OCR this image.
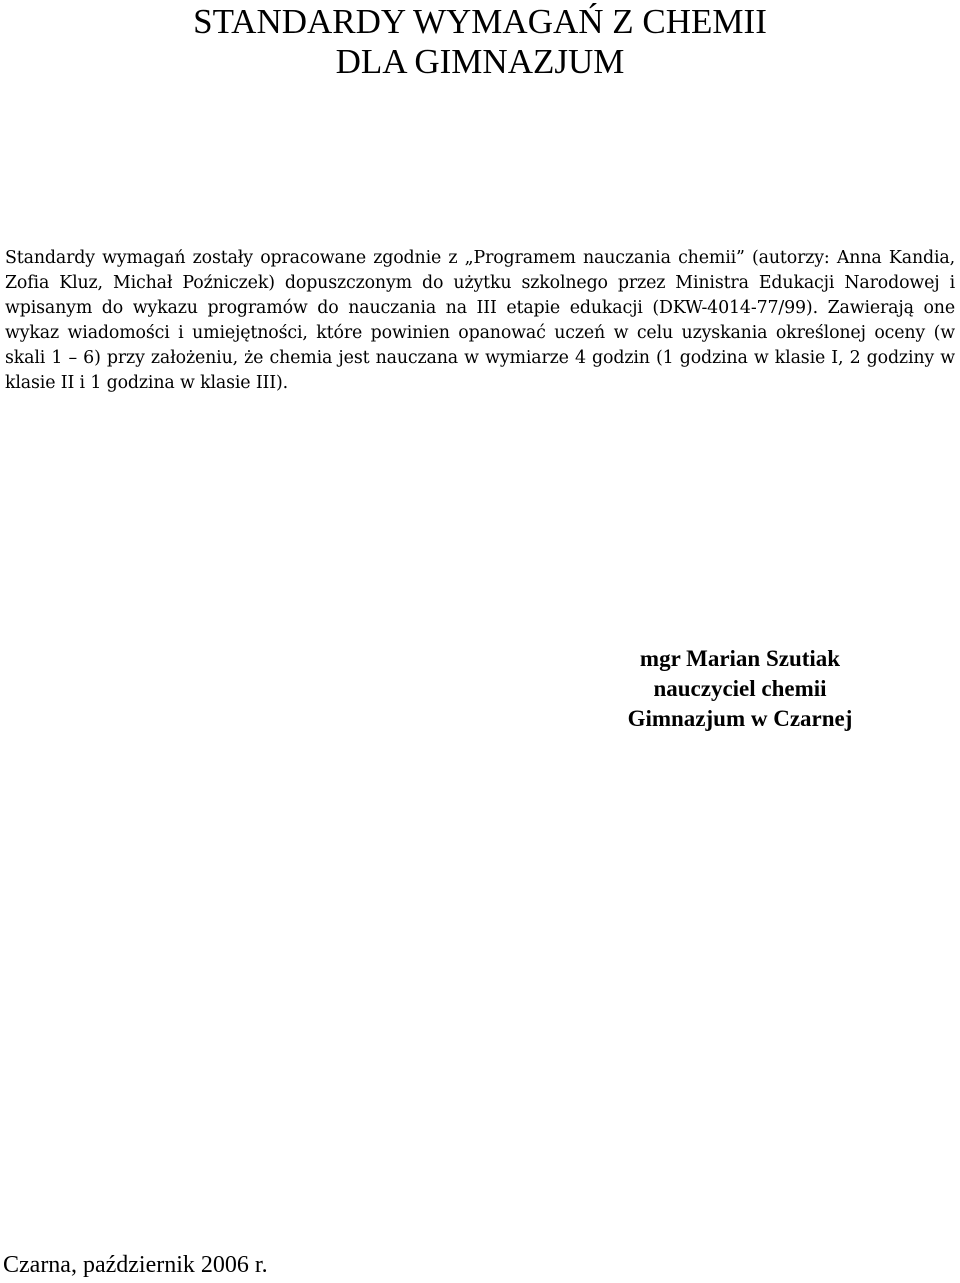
STANDARDY WYMAGAŃ Z CHEMII
DLA GIMNAZJUM

Standardy wymagań zostały opracowane zgodnie z „Programem nauczania chemii” (autorzy: Anna Kandia, Zofia Kluz, Michał Poźniczek) dopuszczonym do użytku szkolnego przez Ministra Edukacji Narodowej i wpisanym do wykazu programów do nauczania na III etapie edukacji (DKW-4014-77/99). Zawierają one wykaz wiadomości i umiejętności, które powinien opanować uczeń w celu uzyskania określonej oceny (w skali 1 – 6) przy założeniu, że chemia jest nauczana w wymiarze 4 godzin (1 godzina w klasie I, 2 godziny w klasie II i 1 godzina w klasie III).

mgr Marian Szutiak
nauczyciel chemii
Gimnazjum w Czarnej
Czarna, październik 2006 r.
